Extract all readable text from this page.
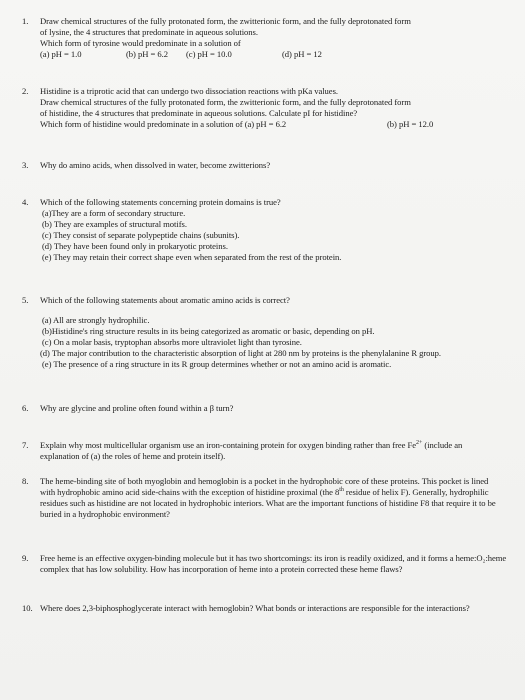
1.	Draw chemical structures of the fully protonated form, the zwitterionic form, and the fully deprotonated form
of lysine, the 4 structures that predominate in aqueous solutions.
Which form of tyrosine would predominate in a solution of
(a) pH = 1.0	(b) pH = 6.2 (c) pH = 10.0	(d) pH = 12
2.	Histidine is a triprotic acid that can undergo two dissociation reactions with pKa values.
Draw chemical structures of the fully protonated form, the zwitterionic form, and the fully deprotonated form
of histidine, the 4 structures that predominate in aqueous solutions. Calculate pI for histidine?
Which form of histidine would predominate in a solution of (a) pH = 6.2	(b) pH = 12.0
3.	Why do amino acids, when dissolved in water, become zwitterions?
4.	Which of the following statements concerning protein domains is true?
(a)They are a form of secondary structure.
(b) They are examples of structural motifs.
(c) They consist of separate polypeptide chains (subunits).
(d) They have been found only in prokaryotic proteins.
(e) They may retain their correct shape even when separated from the rest of the protein.
5.	Which of the following statements about aromatic amino acids is correct?
(a) All are strongly hydrophilic.
(b)Histidine's ring structure results in its being categorized as aromatic or basic, depending on pH.
(c) On a molar basis, tryptophan absorbs more ultraviolet light than tyrosine.
(d) The major contribution to the characteristic absorption of light at 280 nm by proteins is the phenylalanine R group.
(e) The presence of a ring structure in its R group determines whether or not an amino acid is aromatic.
6.	Why are glycine and proline often found within a β turn?
7.	Explain why most multicellular organism use an iron-containing protein for oxygen binding rather than free $Fe^{2+}$ (include an explanation of (a) the roles of heme and protein itself).
8.	The heme-binding site of both myoglobin and hemoglobin is a pocket in the hydrophobic core of these proteins. This pocket is lined with hydrophobic amino acid side-chains with the exception of histidine proximal (the 8th residue of helix F). Generally, hydrophilic residues such as histidine are not located in hydrophobic interiors. What are the important functions of histidine F8 that require it to be buried in a hydrophobic environment?
9.	Free heme is an effective oxygen-binding molecule but it has two shortcomings: its iron is readily oxidized, and it forms a heme:O₂:heme complex that has low solubility. How has incorporation of heme into a protein corrected these heme flaws?
10. Where does 2,3-biphosphoglycerate interact with hemoglobin? What bonds or interactions are responsible for the interactions?
